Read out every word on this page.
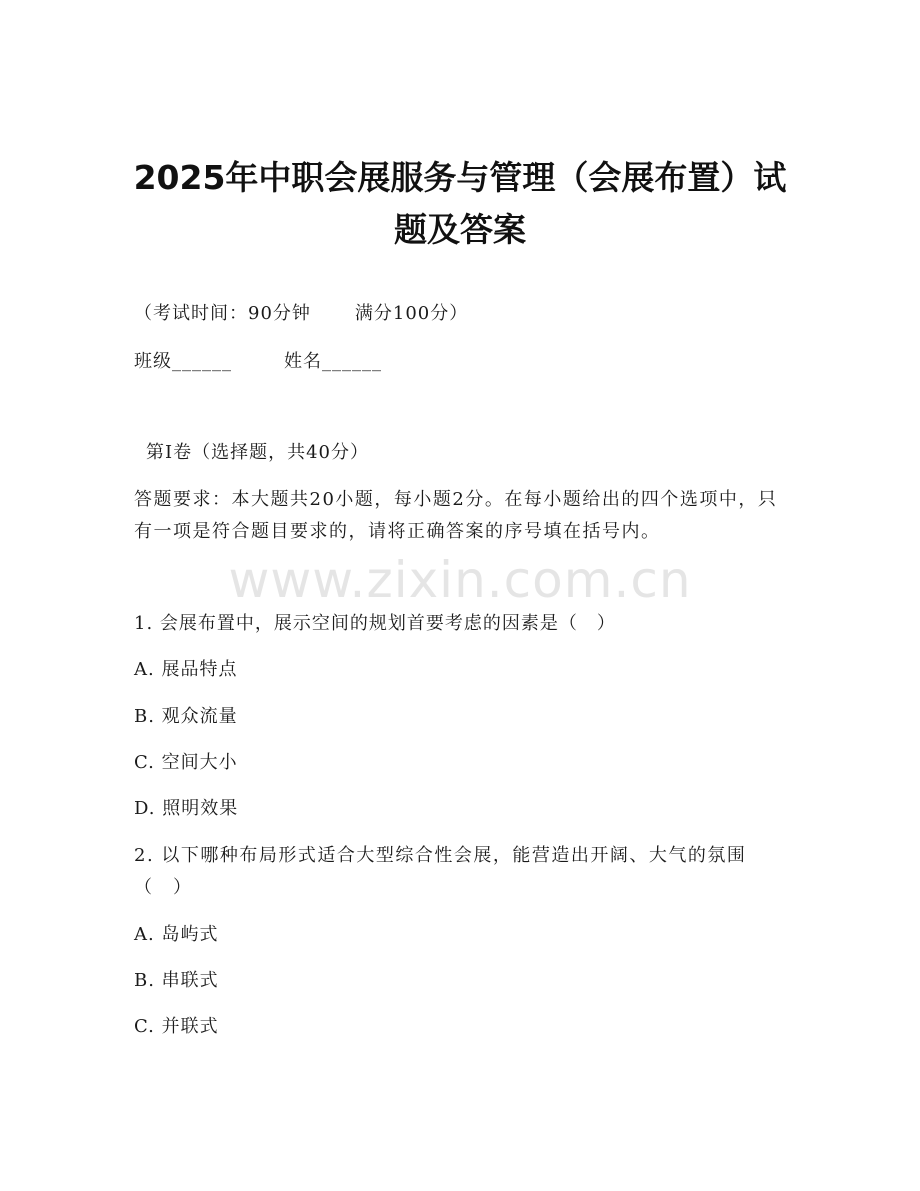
2025年中职会展服务与管理（会展布置）试
题及答案

（考试时间：90分钟 满分100分）

班级______	姓名______

第Ⅰ卷（选择题，共40分）

答题要求：本大题共20小题，每小题2分。在每小题给出的四个选项中，只有一项是符合题目要求的，请将正确答案的序号填在括号内。

www.zixin.com.cn

1. 会展布置中，展示空间的规划首要考虑的因素是（　）

A. 展品特点

B. 观众流量

C. 空间大小

D. 照明效果

2. 以下哪种布局形式适合大型综合性会展，能营造出开阔、大气的氛围（　）

A. 岛屿式

B. 串联式

C. 并联式
